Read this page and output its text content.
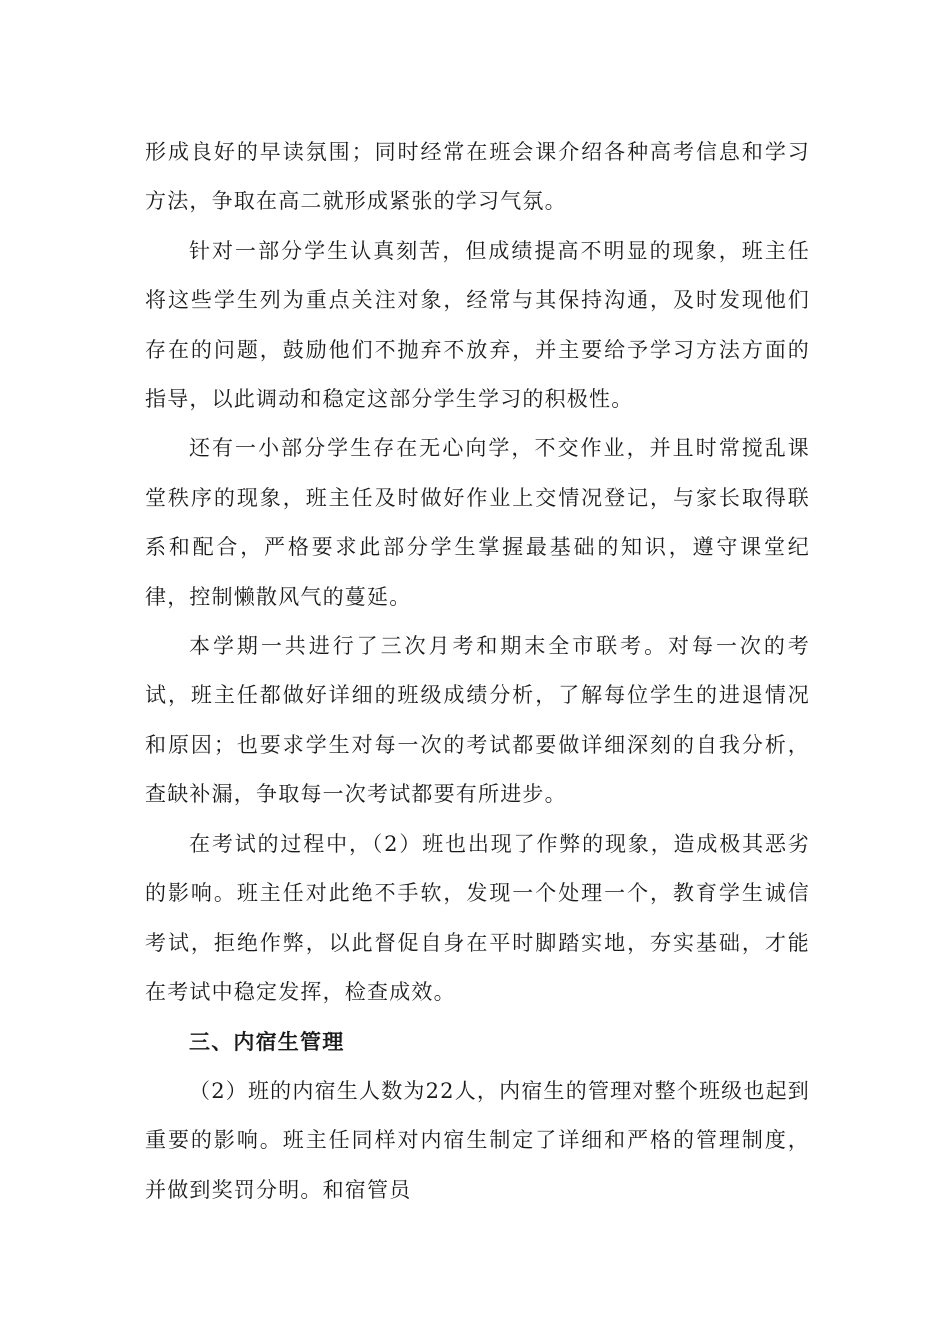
形成良好的早读氛围；同时经常在班会课介绍各种高考信息和学习方法，争取在高二就形成紧张的学习气氛。

针对一部分学生认真刻苦，但成绩提高不明显的现象，班主任将这些学生列为重点关注对象，经常与其保持沟通，及时发现他们存在的问题，鼓励他们不抛弃不放弃，并主要给予学习方法方面的指导，以此调动和稳定这部分学生学习的积极性。

还有一小部分学生存在无心向学，不交作业，并且时常搅乱课堂秩序的现象，班主任及时做好作业上交情况登记，与家长取得联系和配合，严格要求此部分学生掌握最基础的知识，遵守课堂纪律，控制懒散风气的蔓延。

本学期一共进行了三次月考和期末全市联考。对每一次的考试，班主任都做好详细的班级成绩分析，了解每位学生的进退情况和原因；也要求学生对每一次的考试都要做详细深刻的自我分析，查缺补漏，争取每一次考试都要有所进步。

在考试的过程中，（2）班也出现了作弊的现象，造成极其恶劣的影响。班主任对此绝不手软，发现一个处理一个，教育学生诚信考试，拒绝作弊，以此督促自身在平时脚踏实地，夯实基础，才能在考试中稳定发挥，检查成效。

三、内宿生管理

（2）班的内宿生人数为22人，内宿生的管理对整个班级也起到重要的影响。班主任同样对内宿生制定了详细和严格的管理制度，并做到奖罚分明。和宿管员
